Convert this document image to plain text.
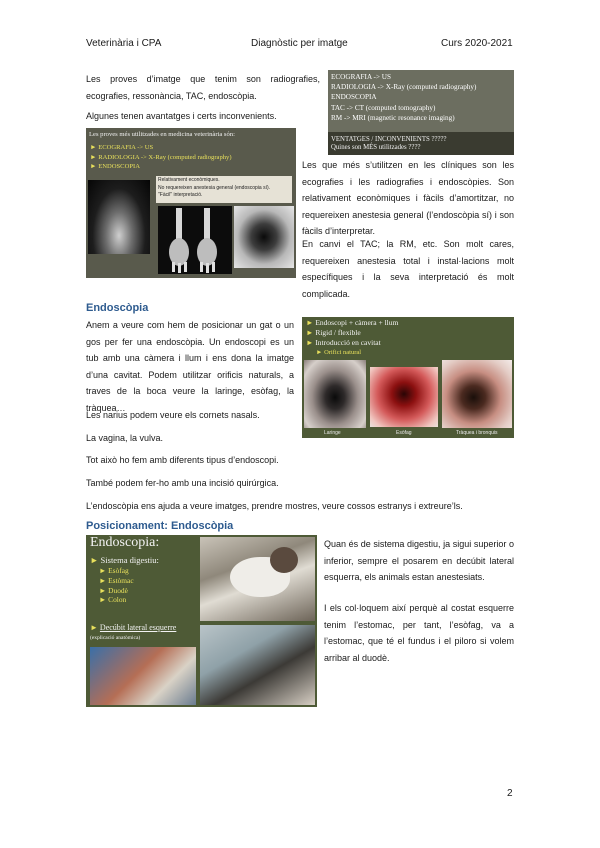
Veterinària i CPA	Diagnòstic per imatge	Curs 2020-2021

Les proves d’imatge que tenim son radiografies, ecografies, ressonància, TAC, endoscòpia.

Algunes tenen avantatges i certs inconvenients.

ECOGRAFIA -> US
RADIOLOGIA -> X-Ray (computed radiography)
ENDOSCOPIA
TAC -> CT (computed tomography)
RM -> MRI (magnetic resonance imaging)
VENTATGES / INCONVENIENTS ?????
Quines son MÉS utilitzades ????
Les proves més utilitzades en medicina veterinària són:
► ECOGRAFIA -> US
► RADIOLOGIA -> X-Ray (computed radiography)
► ENDOSCOPIA
Relativament econòmiques.
No requereixen anestesia general (endoscopia sí).
"Fàcil" interpretació.

Les que més s’utilitzen en les clíniques son les ecografies i les radiografies i endoscòpies. Son relativament econòmiques i fàcils d’amortitzar, no requereixen anestesia general (l’endoscòpia sí) i son fàcils d’interpretar.

En canvi el TAC; la RM, etc. Son molt cares, requereixen anestesia total i instal·lacions molt específiques i la seva interpretació és molt complicada.

Endoscòpia

Anem a veure com hem de posicionar un gat o un gos per fer una endoscòpia. Un endoscopi es un tub amb una càmera i llum i ens dona la imatge d’una cavitat. Podem utilitzar orificis naturals, a traves de la boca veure la laringe, esòfag, la tràquea…

► Endoscopi + càmera + llum
► Rigid / flexible
► Introducció en cavitat
► Orifici natural
Laringe	Esòfag	Tràquea i bronquis

Les narius podem veure els cornets nasals.

La vagina, la vulva.

Tot això ho fem amb diferents tipus d’endoscopi.

També podem fer-ho amb una incisió quirúrgica.

L’endoscòpia ens ajuda a veure imatges, prendre mostres, veure cossos estranys i extreure’ls.

Posicionament: Endoscòpia
Endoscopia:
► Sistema digestiu:
► Esòfag
► Estòmac
► Duodè
► Colon
► Decúbit lateral esquerre
(explicació anatòmica)

Quan és de sistema digestiu, ja sigui superior o inferior, sempre el posarem en decúbit lateral esquerra, els animals estan anestesiats.

I els col·loquem així perquè al costat esquerre tenim l’estomac, per tant, l’esòfag, va a l’estomac, que té el fundus i el piloro si volem arribar al duodè.

2
